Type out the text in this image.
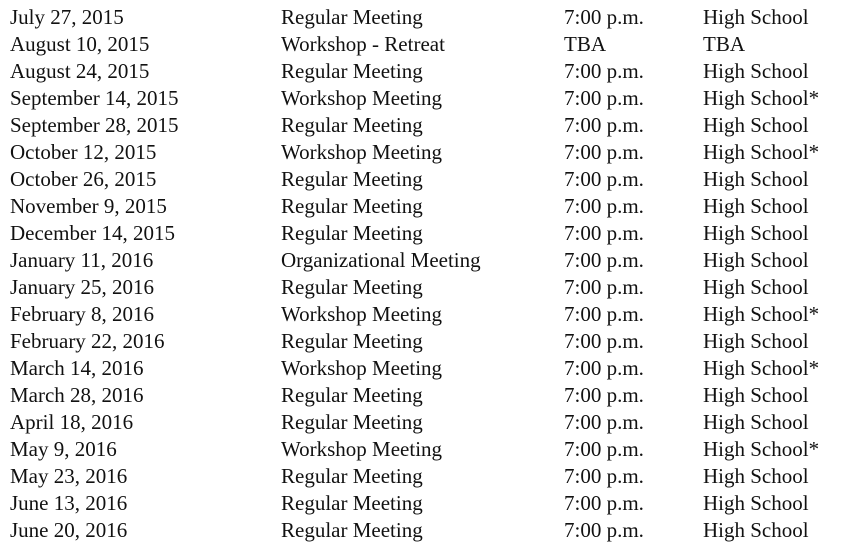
July 27, 2015	Regular Meeting	7:00 p.m.	High School
August 10, 2015	Workshop - Retreat	TBA	TBA
August 24, 2015	Regular Meeting	7:00 p.m.	High School
September 14, 2015	Workshop Meeting	7:00 p.m.	High School*
September 28, 2015	Regular Meeting	7:00 p.m.	High School
October 12, 2015	Workshop Meeting	7:00 p.m.	High School*
October 26, 2015	Regular Meeting	7:00 p.m.	High School
November 9, 2015	Regular Meeting	7:00 p.m.	High School
December 14, 2015	Regular Meeting	7:00 p.m.	High School
January 11, 2016	Organizational Meeting	7:00 p.m.	High School
January 25, 2016	Regular Meeting	7:00 p.m.	High School
February 8, 2016	Workshop Meeting	7:00 p.m.	High School*
February 22, 2016	Regular Meeting	7:00 p.m.	High School
March 14, 2016	Workshop Meeting	7:00 p.m.	High School*
March 28, 2016	Regular Meeting	7:00 p.m.	High School
April 18, 2016	Regular Meeting	7:00 p.m.	High School
May 9, 2016	Workshop Meeting	7:00 p.m.	High School*
May 23, 2016	Regular Meeting	7:00 p.m.	High School
June 13, 2016	Regular Meeting	7:00 p.m.	High School
June 20, 2016	Regular Meeting	7:00 p.m.	High School
